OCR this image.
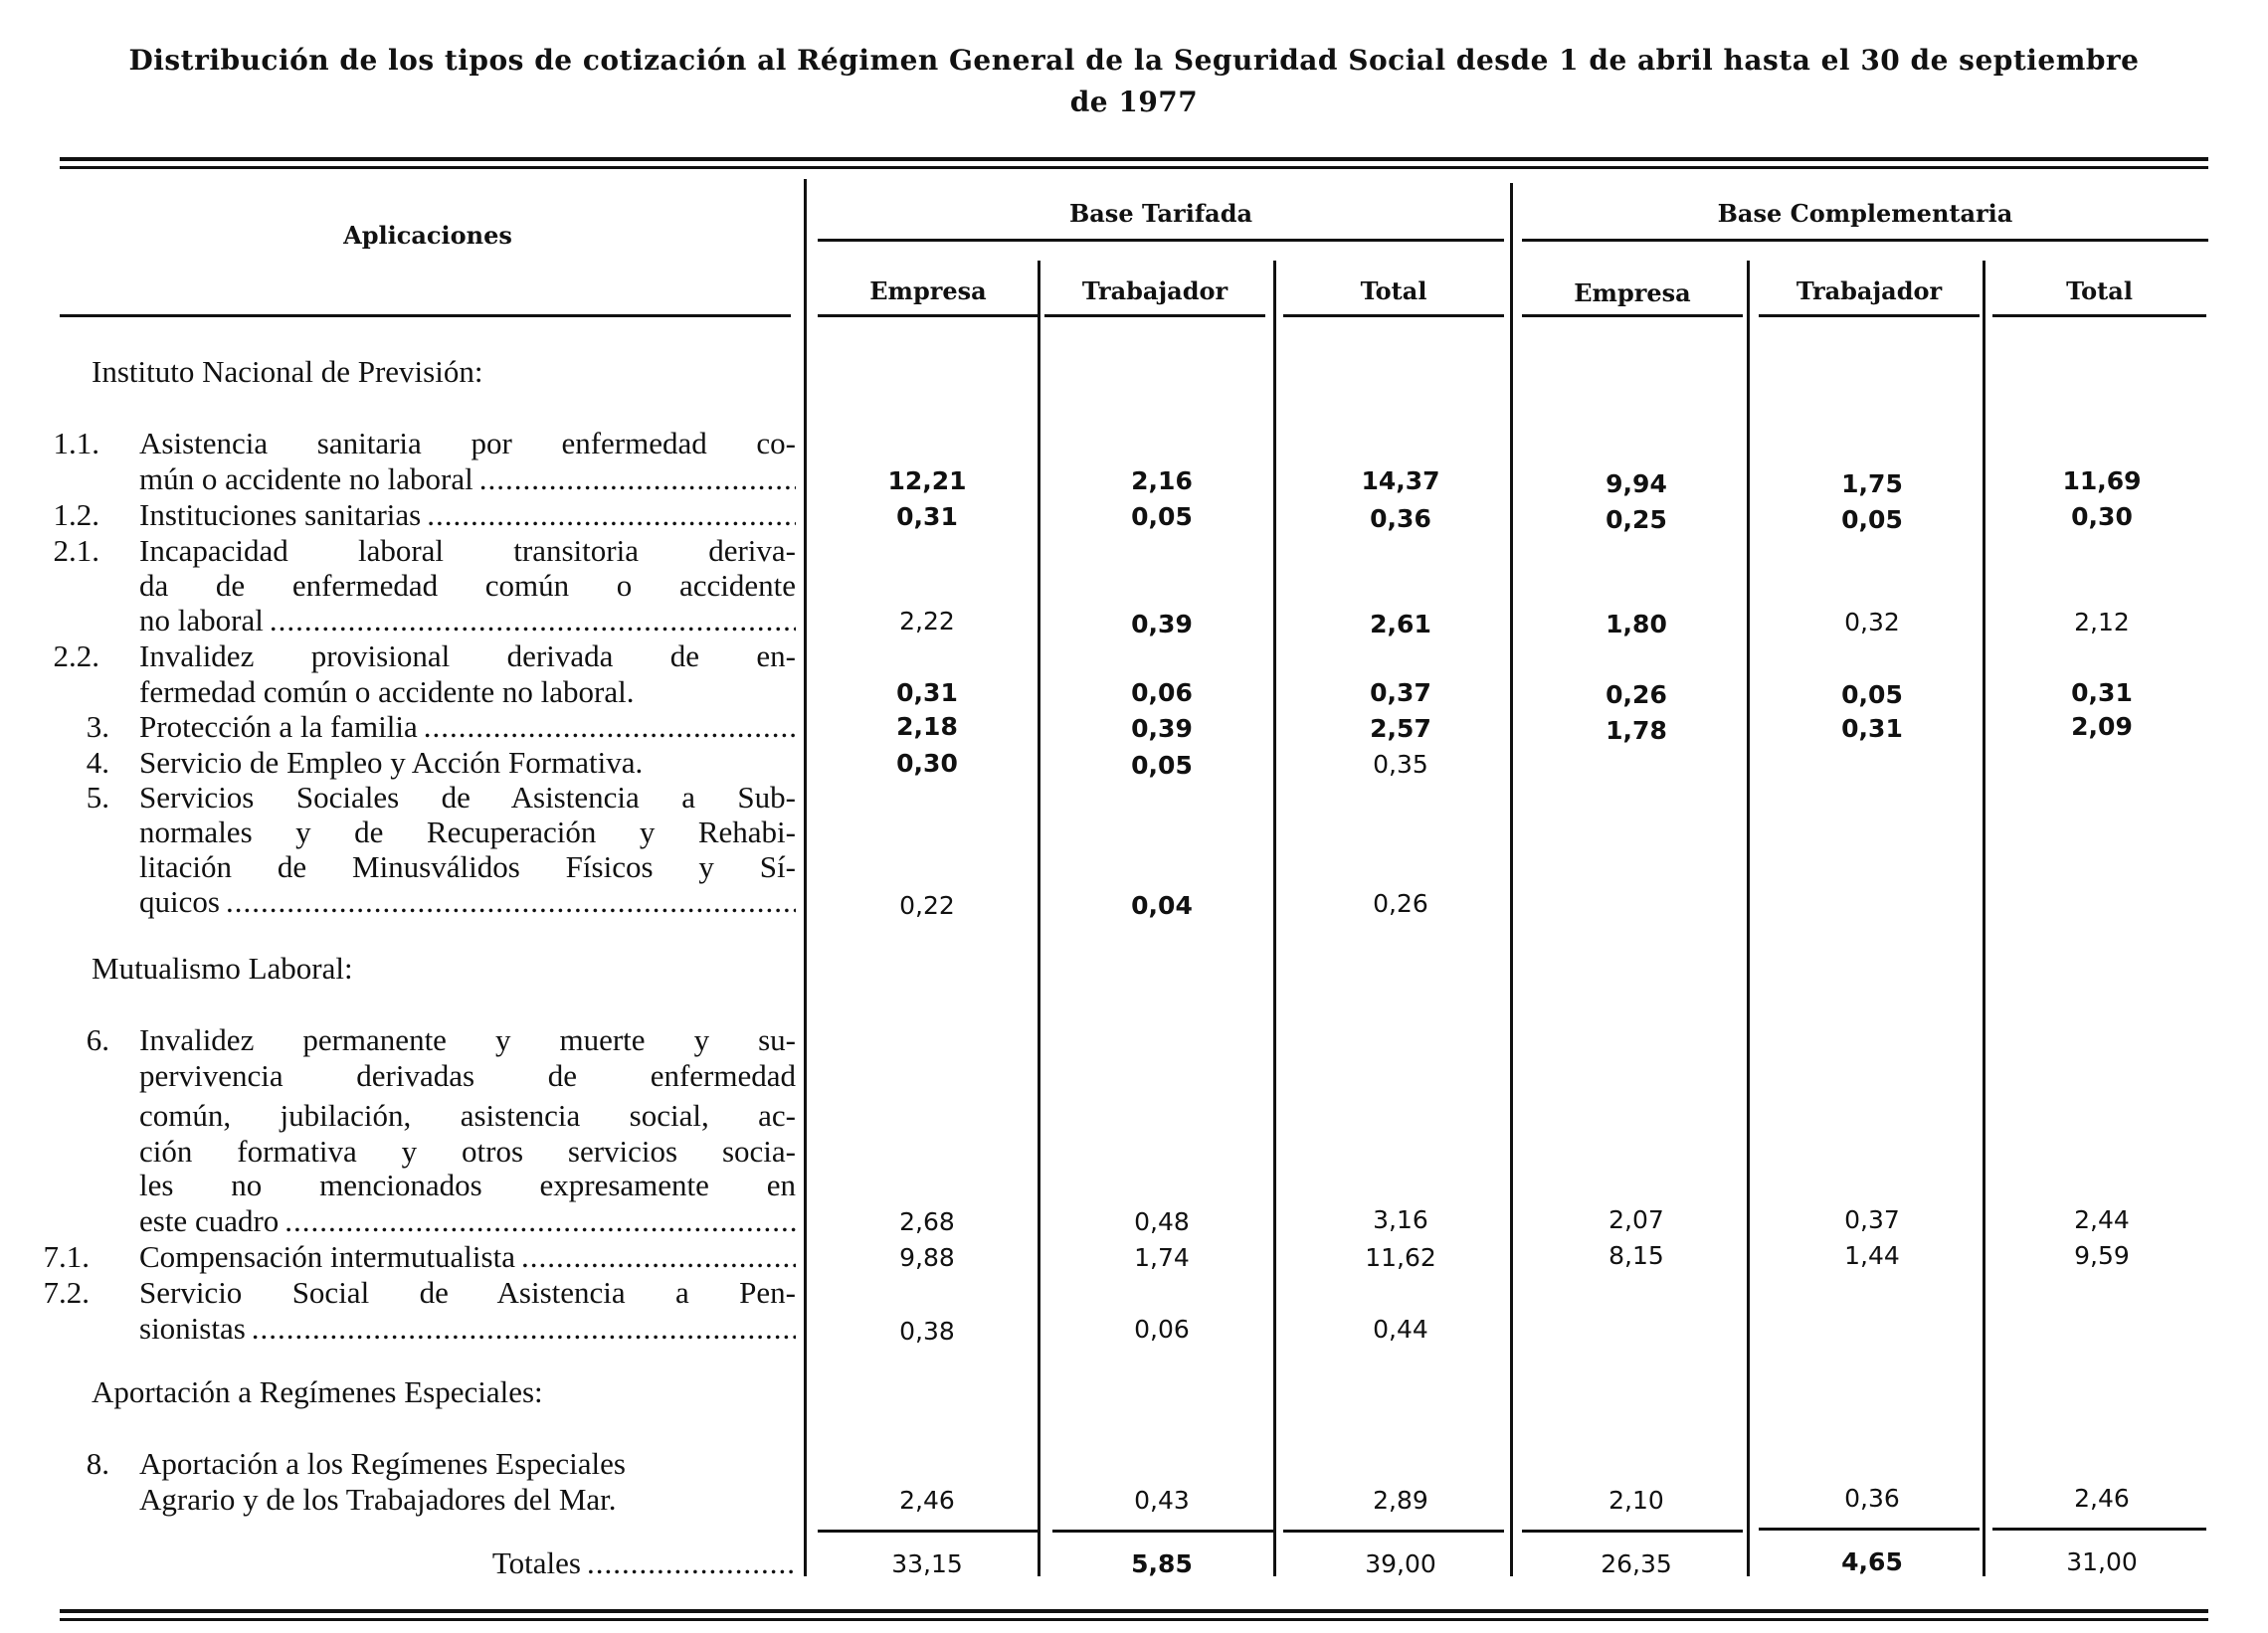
Distribución de los tipos de cotización al Régimen General de la Seguridad Social desde 1 de abril hasta el 30 de septiembre
de 1977
Aplicaciones
Base Tarifada	Base Complementaria
Empresa	Trabajador	Total	Empresa	Trabajador	Total
Instituto Nacional de Previsión:
Mutualismo Laboral:
Aportación a Regímenes Especiales:
1.1. Asistencia sanitaria por enfermedad co-
mún o accidente no laboral .....	12,21	2,16	14,37	9,94	1,75	11,69
1.2. Instituciones sanitarias .....	0,31	0,05	0,36	0,25	0,05	0,30
2.1. Incapacidad laboral transitoria deriva-
da de enfermedad común o accidente
no laboral .....	2,22	0,39	2,61	1,80	0,32	2,12
2.2. Invalidez provisional derivada de en-
fermedad común o accidente no laboral.	0,31	0,06	0,37	0,26	0,05	0,31
3. Protección a la familia .....	2,18	0,39	2,57	1,78	0,31	2,09
4. Servicio de Empleo y Acción Formativa.	0,30	0,05	0,35
5. Servicios Sociales de Asistencia a Sub-
normales y de Recuperación y Rehabi-
litación de Minusválidos Físicos y Sí-
quicos .....	0,22	0,04	0,26
6. Invalidez permanente y muerte y su-
pervivencia derivadas de enfermedad
común, jubilación, asistencia social, ac-
ción formativa y otros servicios socia-
les no mencionados expresamente en
este cuadro .....	2,68	0,48	3,16	2,07	0,37	2,44
7.1. Compensación intermutualista .....	9,88	1,74	11,62	8,15	1,44	9,59
7.2. Servicio Social de Asistencia a Pen-
sionistas .....	0,38	0,06	0,44
8. Aportación a los Regímenes Especiales
Agrario y de los Trabajadores del Mar.	2,46	0,43	2,89	2,10	0,36	2,46
Totales .....	33,15	5,85	39,00	26,35	4,65	31,00
